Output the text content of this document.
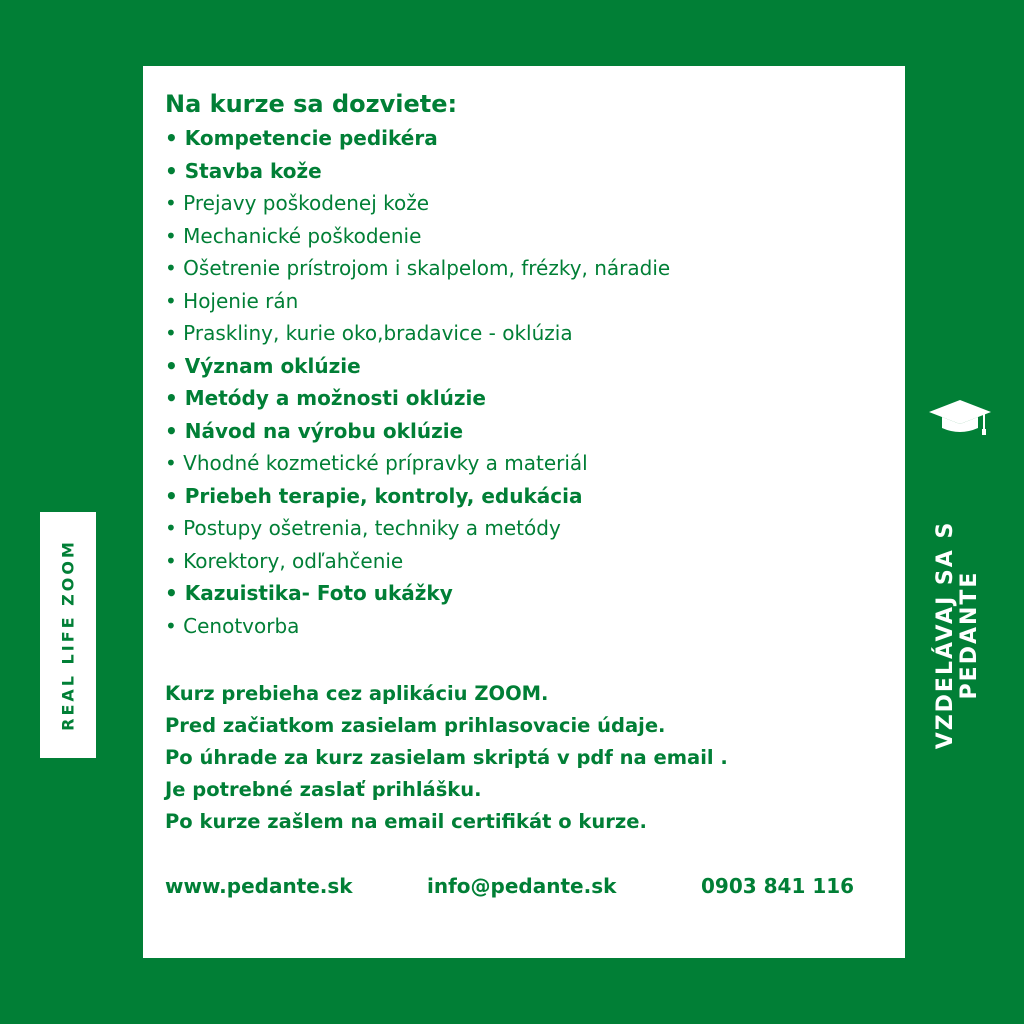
Na kurze sa dozviete:
• Kompetencie pedikéra
• Stavba kože
• Prejavy poškodenej kože
• Mechanické poškodenie
• Ošetrenie prístrojom i skalpelom, frézky, náradie
• Hojenie rán
• Praskliny, kurie oko,bradavice - oklúzia
• Význam oklúzie
• Metódy a možnosti oklúzie
• Návod na výrobu oklúzie
• Vhodné kozmetické prípravky a materiál
• Priebeh terapie, kontroly, edukácia
• Postupy ošetrenia, techniky a metódy
• Korektory, odľahčenie
• Kazuistika- Foto ukážky
• Cenotvorba
Kurz prebieha cez aplikáciu ZOOM.
Pred začiatkom zasielam prihlasovacie údaje.
Po úhrade za kurz zasielam skriptá v pdf na email .
Je potrebné zaslať prihlášku.
Po kurze zašlem na email certifikát o kurze.
www.pedante.sk	info@pedante.sk	0903 841 116
REAL LIFE ZOOM	VZDELÁVAJ SA S PEDANTE
